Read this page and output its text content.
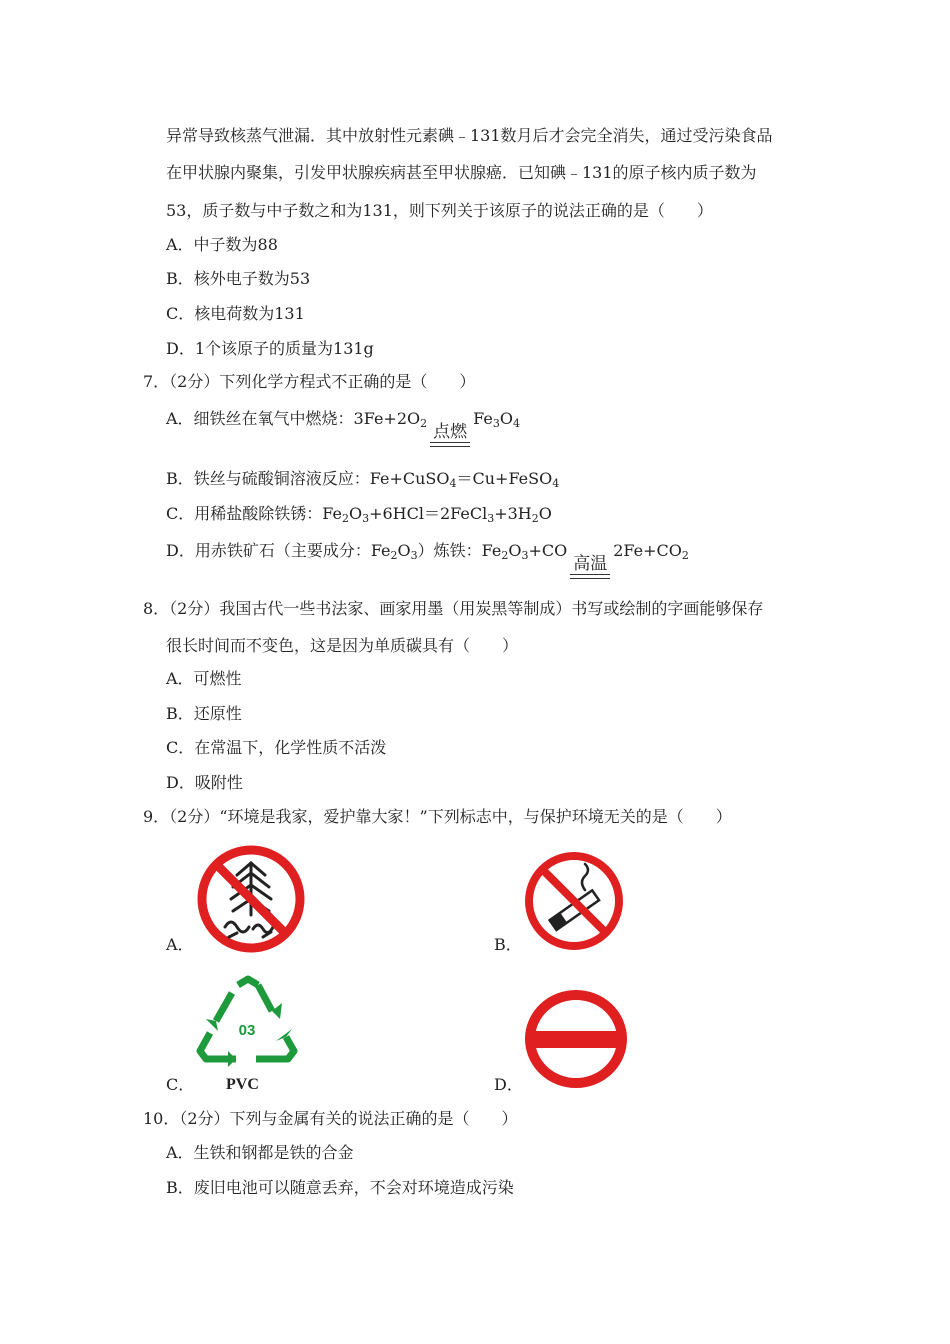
异常导致核蒸气泄漏．其中放射性元素碘﹣131数月后才会完全消失，通过受污染食品
在甲状腺内聚集，引发甲状腺疾病甚至甲状腺癌．已知碘﹣131的原子核内质子数为
53，质子数与中子数之和为131，则下列关于该原子的说法正确的是（　　）
A．中子数为88
B．核外电子数为53
C．核电荷数为131
D．1个该原子的质量为131g
7．（2分）下列化学方程式不正确的是（　　）
A．细铁丝在氧气中燃烧：$3Fe+2O_2$ 点燃
$Fe_3O_4$
B．铁丝与硫酸铜溶液反应：Fe+CuSO$_4$＝Cu+FeSO$_4$
C．用稀盐酸除铁锈：$Fe_2O_3+6HCl=2FeCl_3+3H_2O$
D．用赤铁矿石（主要成分：$Fe_2O_3$）炼铁：$Fe_2O_3+CO$
高温
$2Fe+CO_2$
8．（2分）我国古代一些书法家、画家用墨（用炭黑等制成）书写或绘制的字画能够保存
很长时间而不变色，这是因为单质碳具有（　　）
A．可燃性
B．还原性
C．在常温下，化学性质不活泼
D．吸附性
9．（2分）“环境是我家，爱护靠大家！”下列标志中，与保护环境无关的是（　　）
A．	B．
03
PVC
C．	D．
10．（2分）下列与金属有关的说法正确的是（　　）
A．生铁和钢都是铁的合金
B．废旧电池可以随意丢弃，不会对环境造成污染
